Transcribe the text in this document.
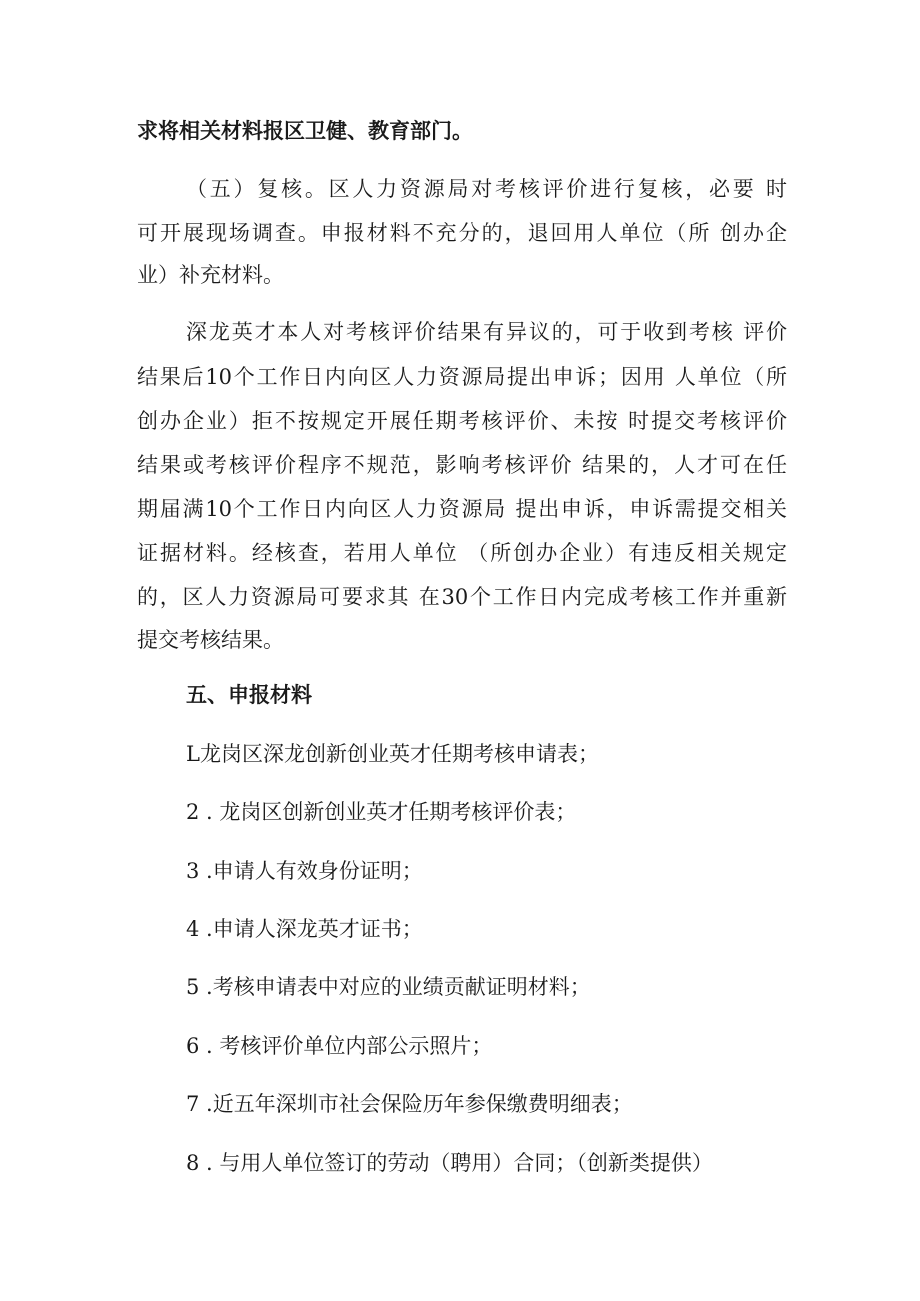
求将相关材料报区卫健、教育部门。

（五）复核。区人力资源局对考核评价进行复核，必要 时

可开展现场调查。申报材料不充分的，退回用人单位（所 创办企

业）补充材料。

深龙英才本人对考核评价结果有异议的，可于收到考核 评价

结果后10个工作日内向区人力资源局提出申诉；因用 人单位（所

创办企业）拒不按规定开展任期考核评价、未按 时提交考核评价

结果或考核评价程序不规范，影响考核评价 结果的，人才可在任

期届满10个工作日内向区人力资源局 提出申诉，申诉需提交相关

证据材料。经核查，若用人单位 （所创办企业）有违反相关规定

的，区人力资源局可要求其 在30个工作日内完成考核工作并重新

提交考核结果。

五、申报材料

L龙岗区深龙创新创业英才任期考核申请表；

2 . 龙岗区创新创业英才任期考核评价表；

3 .申请人有效身份证明；

4 .申请人深龙英才证书；

5 .考核申请表中对应的业绩贡献证明材料；

6 . 考核评价单位内部公示照片；

7 .近五年深圳市社会保险历年参保缴费明细表；

8 . 与用人单位签订的劳动（聘用）合同；（创新类提供）
